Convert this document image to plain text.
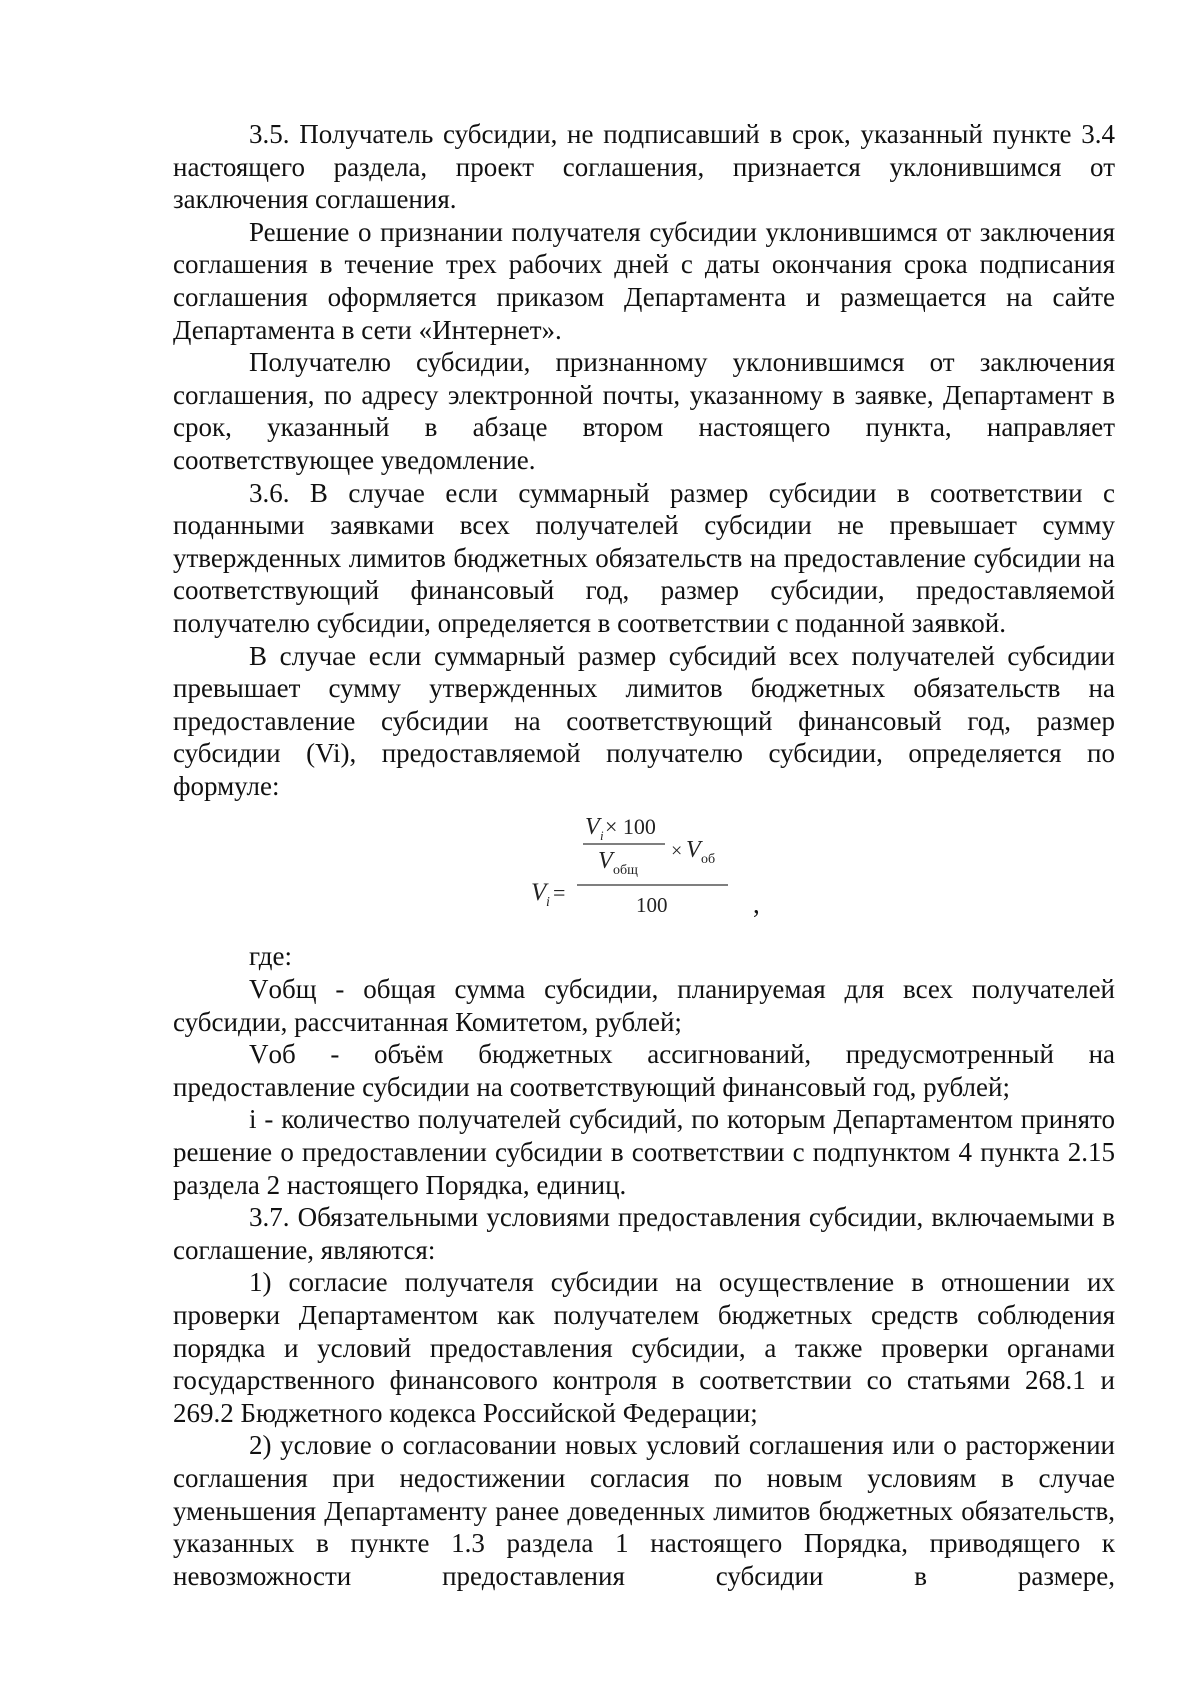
3.5. Получатель субсидии, не подписавший в срок, указанный пункте 3.4 настоящего раздела, проект соглашения, признается уклонившимся от заключения соглашения.

Решение о признании получателя субсидии уклонившимся от заключения соглашения в течение трех рабочих дней с даты окончания срока подписания соглашения оформляется приказом Департамента и размещается на сайте Департамента в сети «Интернет».

Получателю субсидии, признанному уклонившимся от заключения соглашения, по адресу электронной почты, указанному в заявке, Департамент в срок, указанный в абзаце втором настоящего пункта, направляет соответствующее уведомление.

3.6. В случае если суммарный размер субсидии в соответствии с поданными заявками всех получателей субсидии не превышает сумму утвержденных лимитов бюджетных обязательств на предоставление субсидии на соответствующий финансовый год, размер субсидии, предоставляемой получателю субсидии, определяется в соответствии с поданной заявкой.

В случае если суммарный размер субсидий всех получателей субсидии превышает сумму утвержденных лимитов бюджетных обязательств на предоставление субсидии на соответствующий финансовый год, размер субсидии (Vi), предоставляемой получателю субсидии, определяется по формуле:

V i =
V i × 100
V общ
× V об
100	,

где:

Vобщ - общая сумма субсидии, планируемая для всех получателей субсидии, рассчитанная Комитетом, рублей;

Vоб - объём бюджетных ассигнований, предусмотренный на предоставление субсидии на соответствующий финансовый год, рублей;

i - количество получателей субсидий, по которым Департаментом принято решение о предоставлении субсидии в соответствии с подпунктом 4 пункта 2.15 раздела 2 настоящего Порядка, единиц.

3.7. Обязательными условиями предоставления субсидии, включаемыми в соглашение, являются:

1) согласие получателя субсидии на осуществление в отношении их проверки Департаментом как получателем бюджетных средств соблюдения порядка и условий предоставления субсидии, а также проверки органами государственного финансового контроля в соответствии со статьями 268.1 и 269.2 Бюджетного кодекса Российской Федерации;

2) условие о согласовании новых условий соглашения или о расторжении соглашения при недостижении согласия по новым условиям в случае уменьшения Департаменту ранее доведенных лимитов бюджетных обязательств, указанных в пункте 1.3 раздела 1 настоящего Порядка, приводящего к невозможности предоставления субсидии в размере,
